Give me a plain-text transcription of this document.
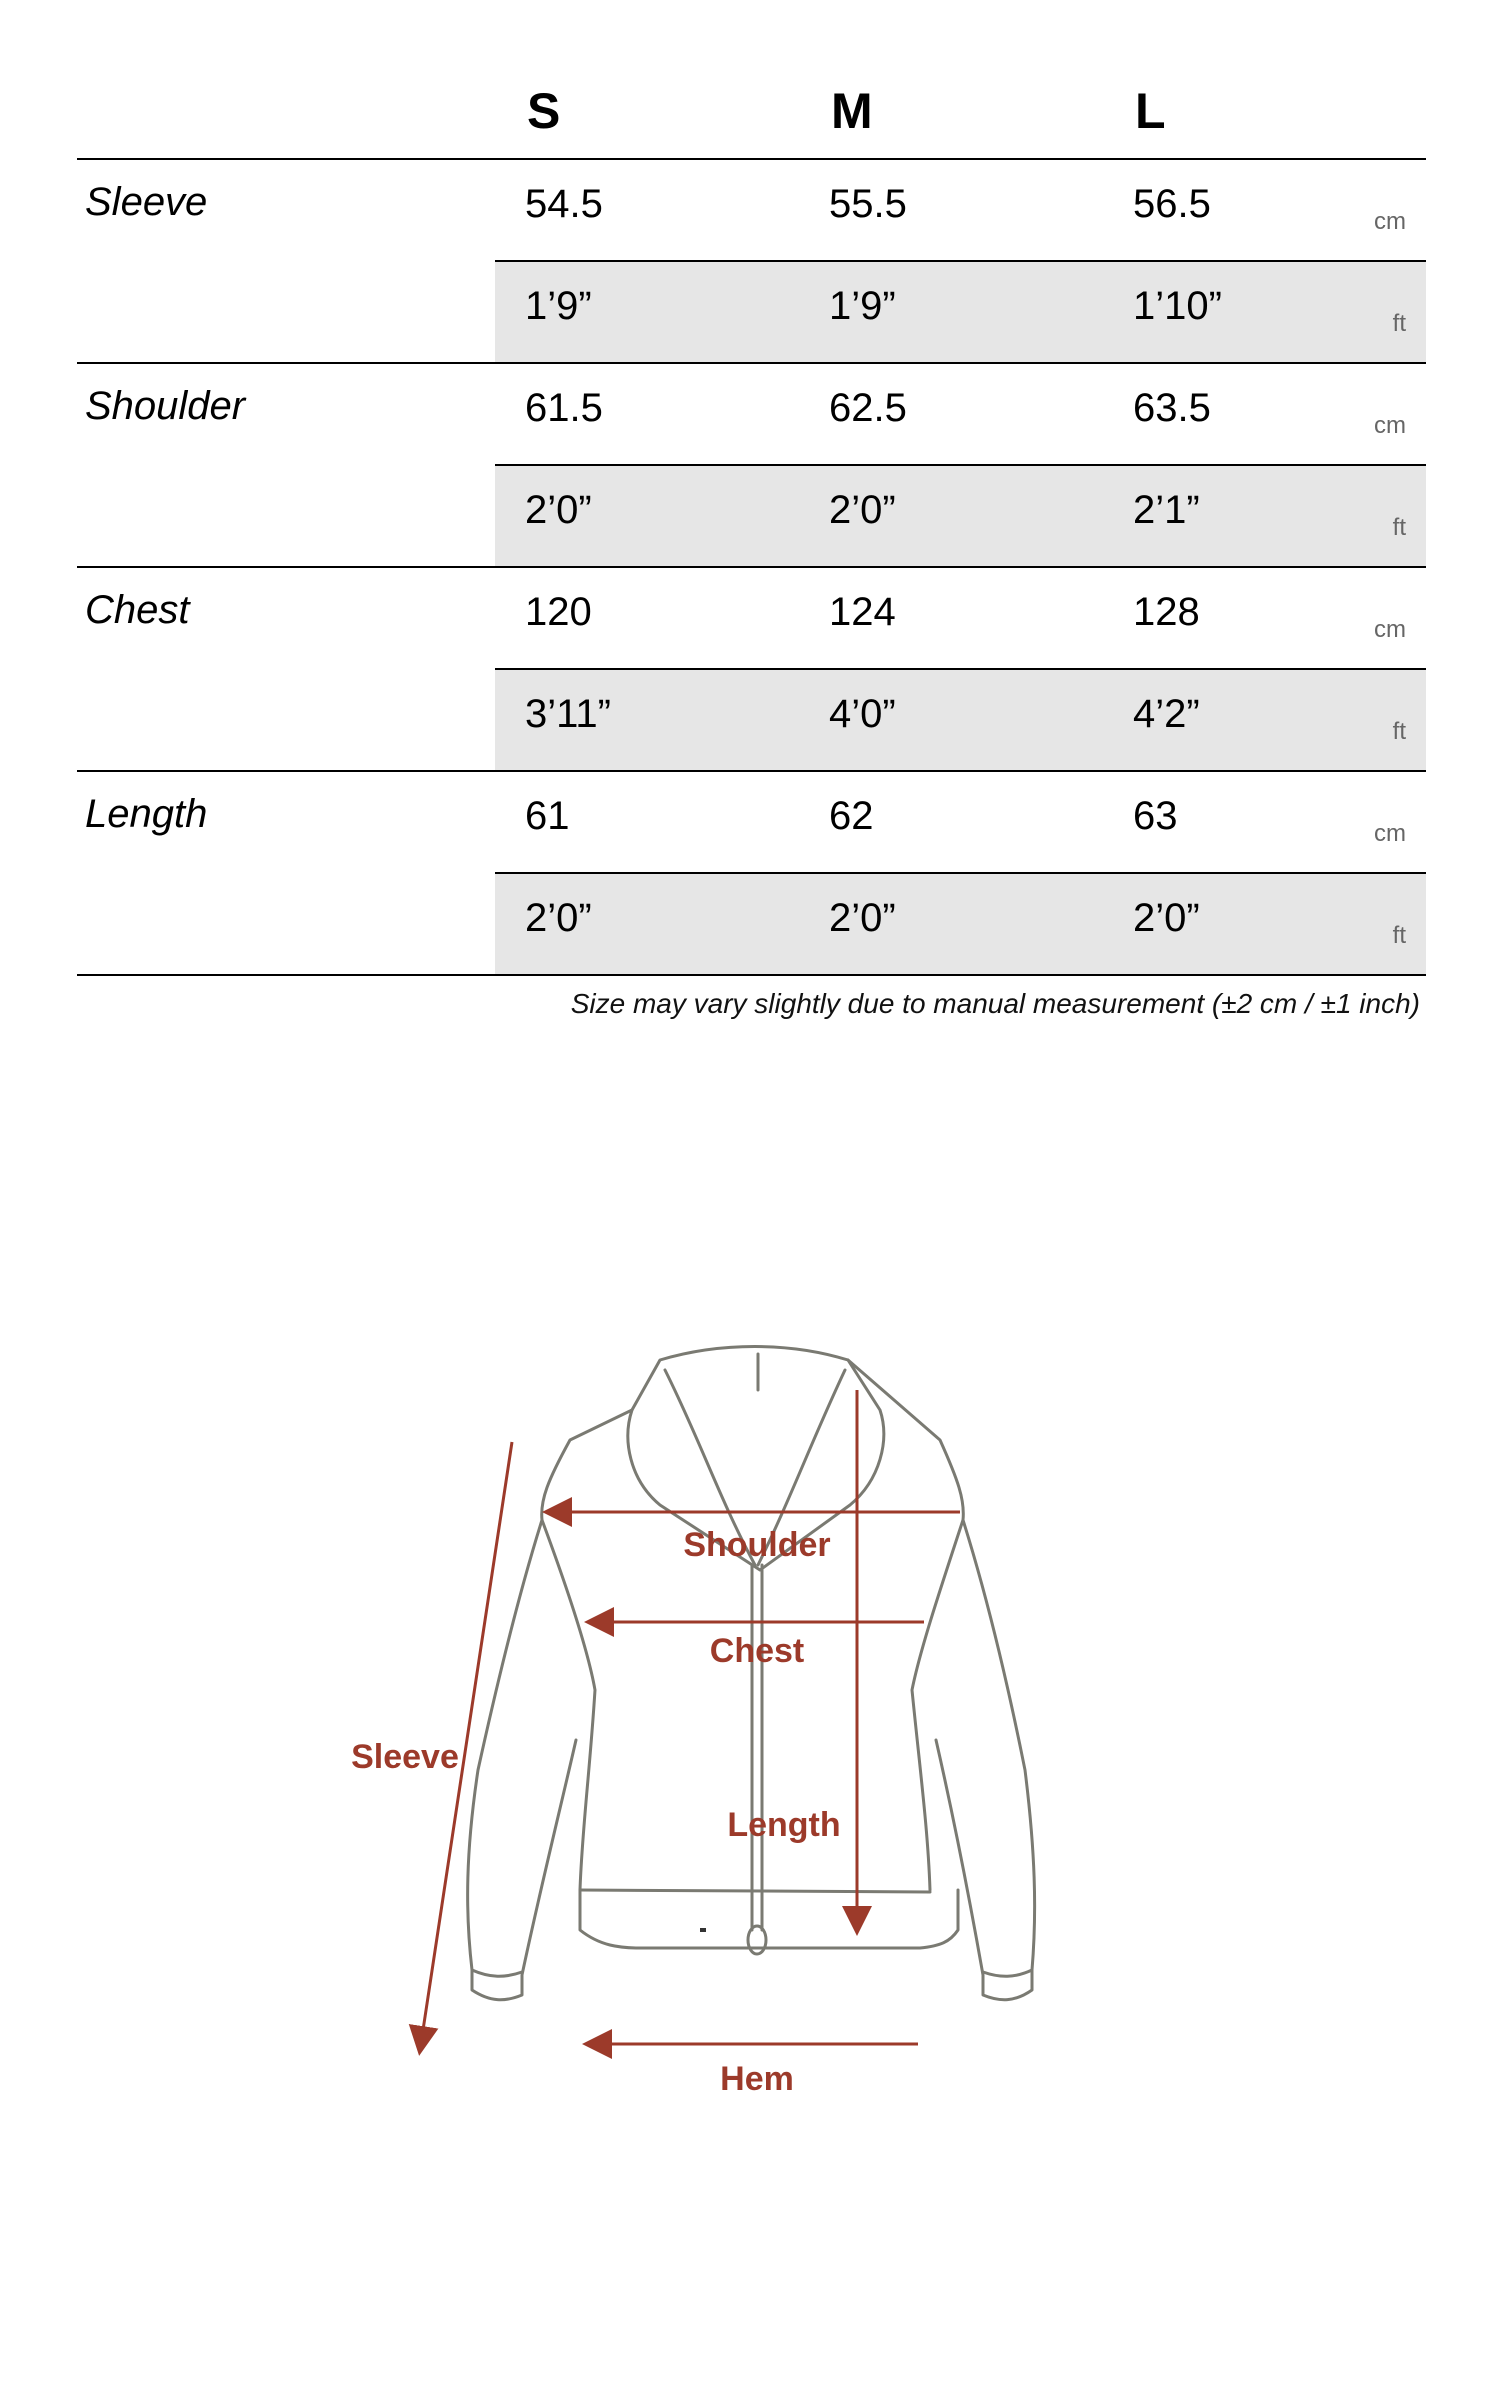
S	M	L
Sleeve	54.5	55.5	56.5	cm
1’9”	1’9”	1’10”	ft
Shoulder	61.5	62.5	63.5	cm
2’0”	2’0”	2’1”	ft
Chest	120	124	128	cm
3’11”	4’0”	4’2”	ft
Length	61	62	63	cm
2’0”	2’0”	2’0”	ft
Size may vary slightly due to manual measurement (±2 cm / ±1 inch)
Shoulder
Chest
Sleeve
Length
Hem
